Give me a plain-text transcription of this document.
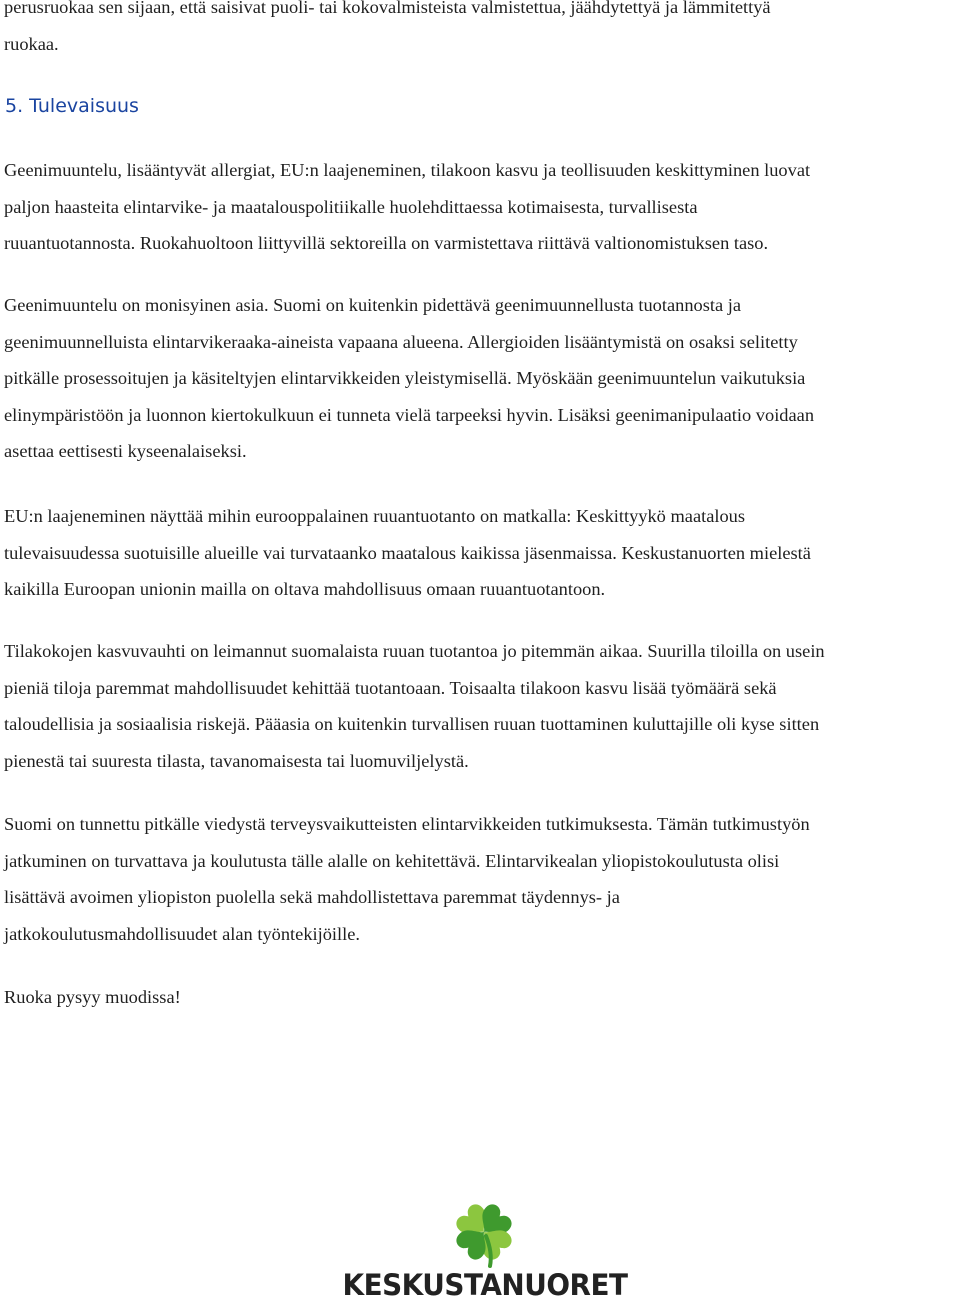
perusruokaa sen sijaan, että saisivat puoli- tai kokovalmisteista valmistettua, jäähdytettyä ja lämmitettyä
ruokaa.
5. Tulevaisuus
Geenimuuntelu, lisääntyvät allergiat, EU:n laajeneminen, tilakoon kasvu ja teollisuuden keskittyminen luovat
paljon haasteita elintarvike- ja maatalouspolitiikalle huolehdittaessa kotimaisesta, turvallisesta
ruuantuotannosta. Ruokahuoltoon liittyvillä sektoreilla on varmistettava riittävä valtionomistuksen taso.
Geenimuuntelu on monisyinen asia. Suomi on kuitenkin pidettävä geenimuunnellusta tuotannosta ja
geenimuunnelluista elintarvikeraaka-aineista vapaana alueena. Allergioiden lisääntymistä on osaksi selitetty
pitkälle prosessoitujen ja käsiteltyjen elintarvikkeiden yleistymisellä. Myöskään geenimuuntelun vaikutuksia
elinympäristöön ja luonnon kiertokulkuun ei tunneta vielä tarpeeksi hyvin. Lisäksi geenimanipulaatio voidaan
asettaa eettisesti kyseenalaiseksi.
EU:n laajeneminen näyttää mihin eurooppalainen ruuantuotanto on matkalla: Keskittyykö maatalous
tulevaisuudessa suotuisille alueille vai turvataanko maatalous kaikissa jäsenmaissa. Keskustanuorten mielestä
kaikilla Euroopan unionin mailla on oltava mahdollisuus omaan ruuantuotantoon.
Tilakokojen kasvuvauhti on leimannut suomalaista ruuan tuotantoa jo pitemmän aikaa. Suurilla tiloilla on usein
pieniä tiloja paremmat mahdollisuudet kehittää tuotantoaan. Toisaalta tilakoon kasvu lisää työmäärä sekä
taloudellisia ja sosiaalisia riskejä. Pääasia on kuitenkin turvallisen ruuan tuottaminen kuluttajille oli kyse sitten
pienestä tai suuresta tilasta, tavanomaisesta tai luomuviljelystä.
Suomi on tunnettu pitkälle viedystä terveysvaikutteisten elintarvikkeiden tutkimuksesta. Tämän tutkimustyön
jatkuminen on turvattava ja koulutusta tälle alalle on kehitettävä. Elintarvikealan yliopistokoulutusta olisi
lisättävä avoimen yliopiston puolella sekä mahdollistettava paremmat täydennys- ja
jatkokoulutusmahdollisuudet alan työntekijöille.
Ruoka pysyy muodissa!
KESKUSTANUORET
